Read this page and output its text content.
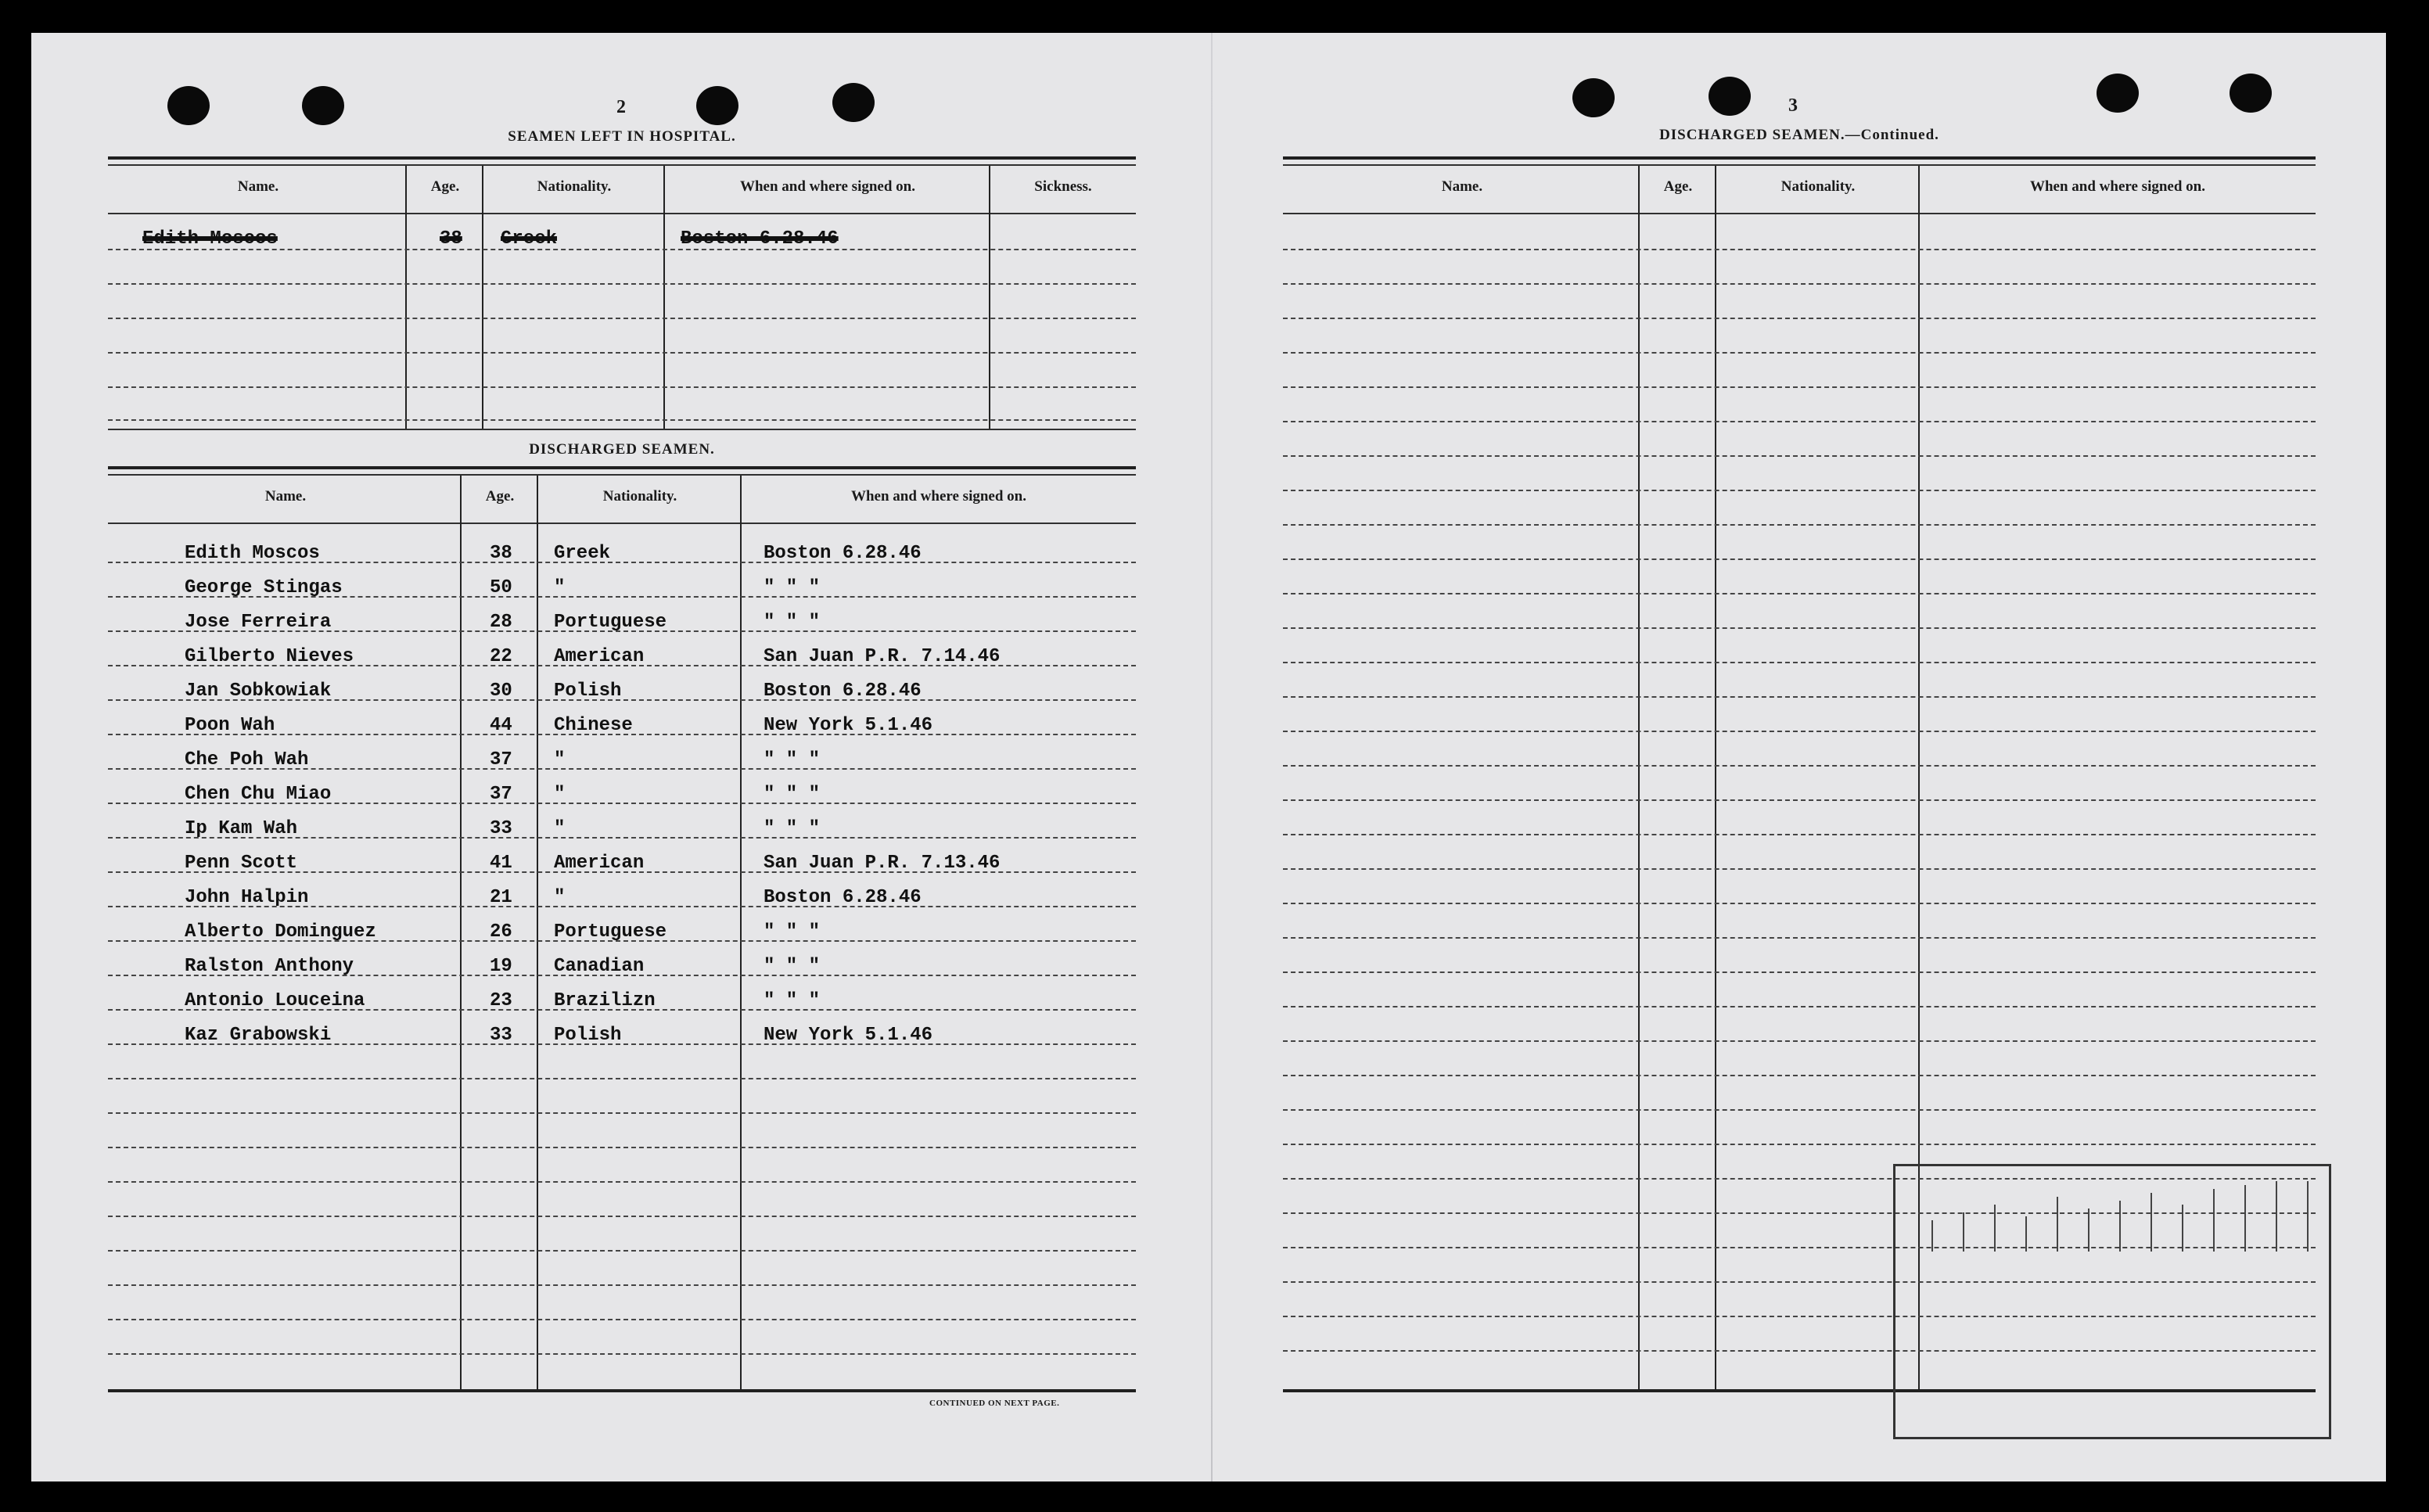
2
SEAMEN LEFT IN HOSPITAL.
Name.	Age.	Nationality.	When and where signed on.	Sickness.
Edith Moscos	38 Greek	Boston 6.28.46
DISCHARGED SEAMEN.
Name.	Age.	Nationality.	When and where signed on.
Edith Moscos	38 Greek	Boston 6.28.46
George Stingas	50 "	" " "
Jose Ferreira	28 Portuguese	" " "
Gilberto Nieves	22 American	San Juan P.R. 7.14.46
Jan Sobkowiak	30 Polish	Boston 6.28.46
Poon Wah	44 Chinese	New York 5.1.46
Che Poh Wah	37 "	" " "
Chen Chu Miao	37 "	" " "
Ip Kam Wah	33 "	" " "
Penn Scott	41 American	San Juan P.R. 7.13.46
John Halpin	21 "	Boston 6.28.46
Alberto Dominguez	26 Portuguese	" " "
Ralston Anthony	19 Canadian	" " "
Antonio Louceina	23 Brazilizn	" " "
Kaz Grabowski	33 Polish	New York 5.1.46
CONTINUED ON NEXT PAGE.
3
DISCHARGED SEAMEN.—Continued.
Name.	Age.	Nationality.	When and where signed on.
